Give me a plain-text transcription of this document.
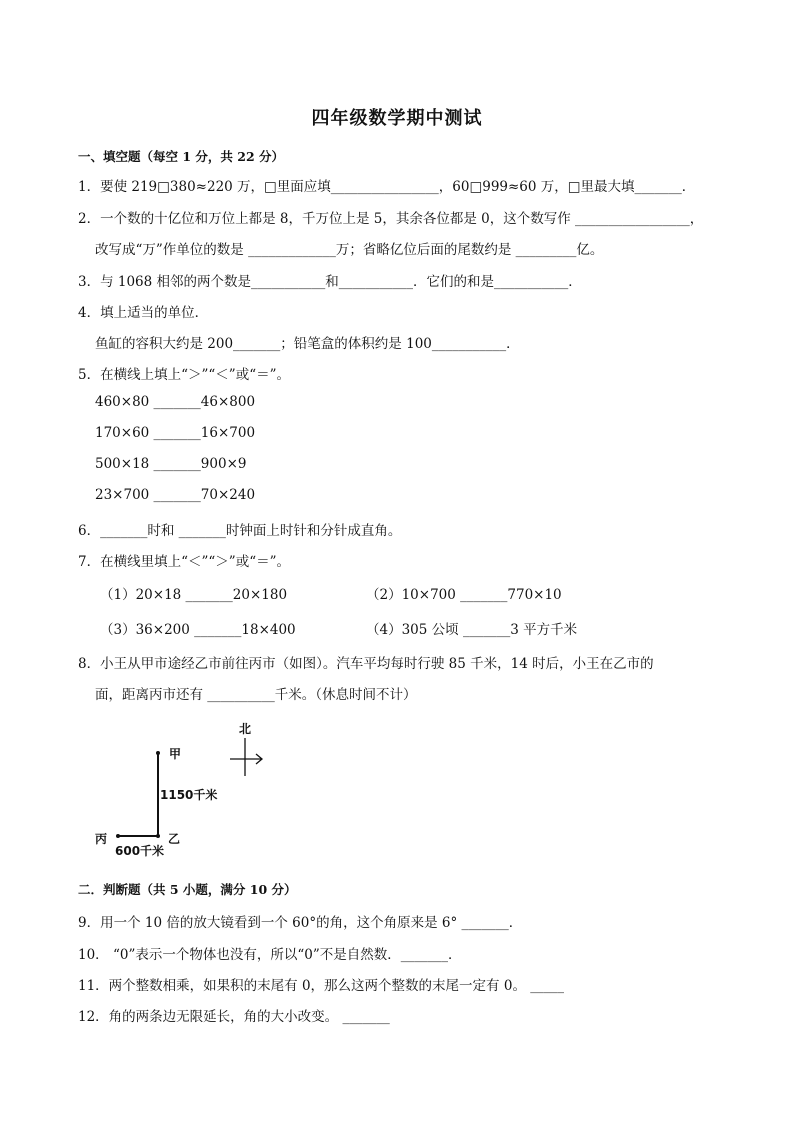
四年级数学期中测试
一、填空题（每空 1 分，共 22 分）
1．要使 219□380≈220 万，□里面应填________________，60□999≈60 万，□里最大填_______．
2．一个数的十亿位和万位上都是 8，千万位上是 5，其余各位都是 0，这个数写作 _________________，
改写成“万”作单位的数是 _____________万；省略亿位后面的尾数约是 _________亿。
3．与 1068 相邻的两个数是___________和___________．它们的和是___________．
4．填上适当的单位．
鱼缸的容积大约是 200_______；铅笔盒的体积约是 100___________．
5．在横线上填上“＞”“＜”或“＝”。
460×80 _______46×800
170×60 _______16×700
500×18 _______900×9
23×700 _______70×240
6．_______时和 _______时钟面上时针和分针成直角。
7．在横线里填上“＜”“＞”或“＝”。
（1）20×18 _______20×180	（2）10×700 _______770×10
（3）36×200 _______18×400	（4）305 公顷 _______3 平方千米
8．小王从甲市途经乙市前往丙市（如图）。汽车平均每时行驶 85 千米，14 时后，小王在乙市的
面，距离丙市还有 __________千米。（休息时间不计）
甲
1150千米
丙	乙
600千米
北
二．判断题（共 5 小题，满分 10 分）
9．用一个 10 倍的放大镜看到一个 60°的角，这个角原来是 6° _______．
10． “0”表示一个物体也没有，所以“0”不是自然数．_______．
11．两个整数相乘，如果积的末尾有 0，那么这两个整数的末尾一定有 0。 _____
12．角的两条边无限延长，角的大小改变。 _______
